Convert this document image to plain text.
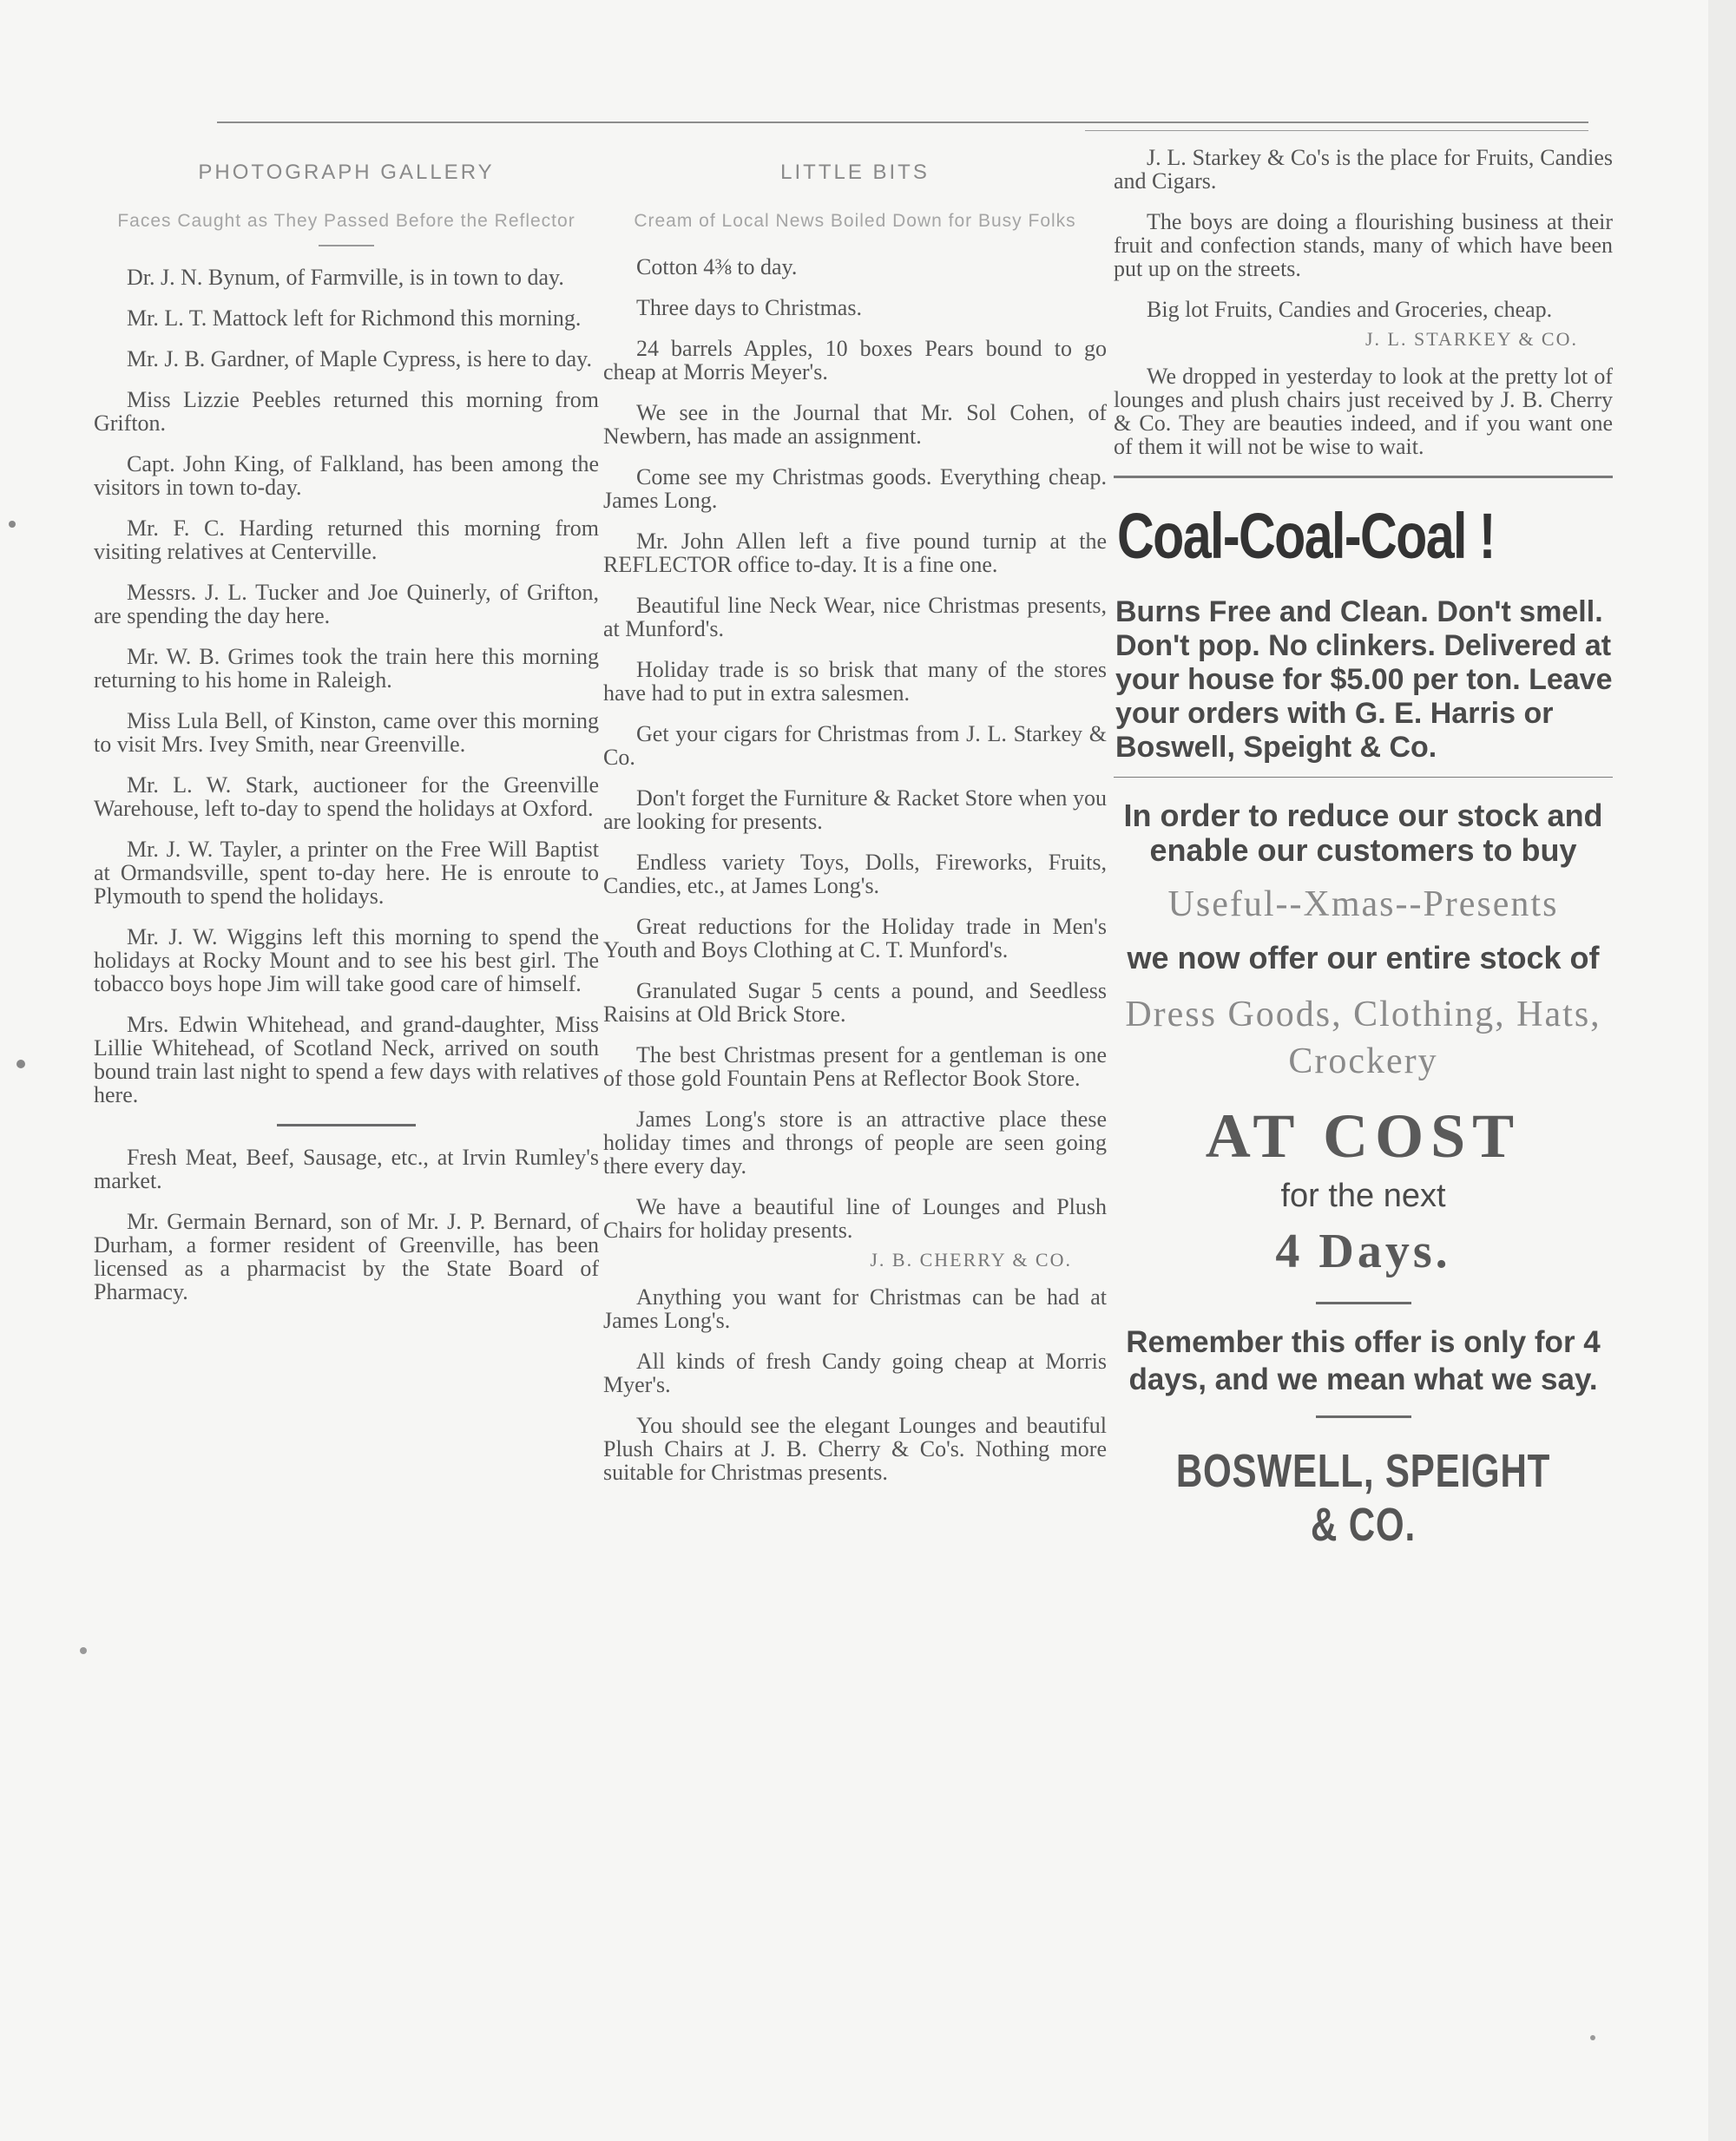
PHOTOGRAPH GALLERY
Faces Caught as They Passed Before the Reflector

Dr. J. N. Bynum, of Farmville, is in town to day.

Mr. L. T. Mattock left for Richmond this morning.

Mr. J. B. Gardner, of Maple Cypress, is here to day.

Miss Lizzie Peebles returned this morning from Grifton.

Capt. John King, of Falkland, has been among the visitors in town to-day.

Mr. F. C. Harding returned this morning from visiting relatives at Centerville.

Messrs. J. L. Tucker and Joe Quinerly, of Grifton, are spending the day here.

Mr. W. B. Grimes took the train here this morning returning to his home in Raleigh.

Miss Lula Bell, of Kinston, came over this morning to visit Mrs. Ivey Smith, near Greenville.

Mr. L. W. Stark, auctioneer for the Greenville Warehouse, left to-day to spend the holidays at Oxford.

Mr. J. W. Tayler, a printer on the Free Will Baptist at Ormandsville, spent to-day here. He is enroute to Plymouth to spend the holidays.

Mr. J. W. Wiggins left this morning to spend the holidays at Rocky Mount and to see his best girl. The tobacco boys hope Jim will take good care of himself.

Mrs. Edwin Whitehead, and grand-daughter, Miss Lillie Whitehead, of Scotland Neck, arrived on south bound train last night to spend a few days with relatives here.

Fresh Meat, Beef, Sausage, etc., at Irvin Rumley's market.

Mr. Germain Bernard, son of Mr. J. P. Bernard, of Durham, a former resident of Greenville, has been licensed as a pharmacist by the State Board of Pharmacy.

LITTLE BITS
Cream of Local News Boiled Down for Busy Folks

Cotton 4⅜ to day.

Three days to Christmas.

24 barrels Apples, 10 boxes Pears bound to go cheap at Morris Meyer's.

We see in the Journal that Mr. Sol Cohen, of Newbern, has made an assignment.

Come see my Christmas goods. Everything cheap. James Long.

Mr. John Allen left a five pound turnip at the REFLECTOR office to-day. It is a fine one.

Beautiful line Neck Wear, nice Christmas presents, at Munford's.

Holiday trade is so brisk that many of the stores have had to put in extra salesmen.

Get your cigars for Christmas from J. L. Starkey & Co.

Don't forget the Furniture & Racket Store when you are looking for presents.

Endless variety Toys, Dolls, Fireworks, Fruits, Candies, etc., at James Long's.

Great reductions for the Holiday trade in Men's Youth and Boys Clothing at C. T. Munford's.

Granulated Sugar 5 cents a pound, and Seedless Raisins at Old Brick Store.

The best Christmas present for a gentleman is one of those gold Fountain Pens at Reflector Book Store.

James Long's store is an attractive place these holiday times and throngs of people are seen going there every day.

We have a beautiful line of Lounges and Plush Chairs for holiday presents.

J. B. CHERRY & CO.

Anything you want for Christmas can be had at James Long's.

All kinds of fresh Candy going cheap at Morris Myer's.

You should see the elegant Lounges and beautiful Plush Chairs at J. B. Cherry & Co's. Nothing more suitable for Christmas presents.

J. L. Starkey & Co's is the place for Fruits, Candies and Cigars.

The boys are doing a flourishing business at their fruit and confection stands, many of which have been put up on the streets.

Big lot Fruits, Candies and Groceries, cheap.

J. L. STARKEY & CO.

We dropped in yesterday to look at the pretty lot of lounges and plush chairs just received by J. B. Cherry & Co. They are beauties indeed, and if you want one of them it will not be wise to wait.

Coal-Coal-Coal !
Burns Free and Clean. Don't smell. Don't pop. No clinkers. Delivered at your house for $5.00 per ton. Leave your orders with G. E. Harris or Boswell, Speight & Co.
In order to reduce our stock and enable our customers to buy
Useful--Xmas--Presents
we now offer our entire stock of
Dress Goods, Clothing, Hats, Crockery
AT COST
for the next
4 Days.
Remember this offer is only for 4 days, and we mean what we say.
BOSWELL, SPEIGHT & CO.
